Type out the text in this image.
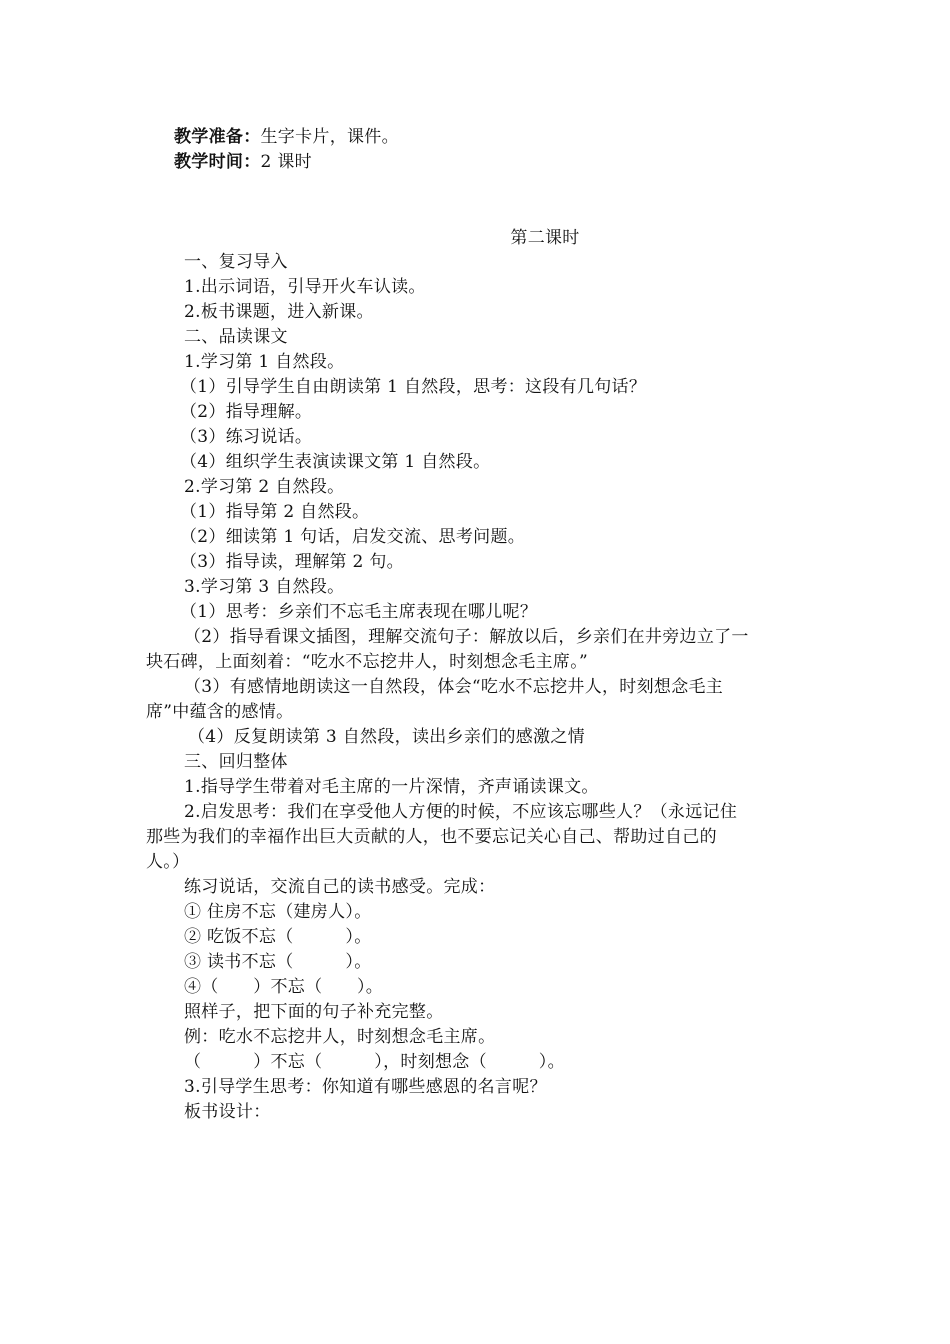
教学准备：生字卡片，课件。
教学时间：2 课时
第二课时
一、复习导入
1.出示词语，引导开火车认读。
2.板书课题，进入新课。
二、品读课文
1.学习第 1 自然段。
（1）引导学生自由朗读第 1 自然段，思考：这段有几句话？
（2）指导理解。
（3）练习说话。
（4）组织学生表演读课文第 1 自然段。
2.学习第 2 自然段。
（1）指导第 2 自然段。
（2）细读第 1 句话，启发交流、思考问题。
（3）指导读，理解第 2 句。
3.学习第 3 自然段。
（1）思考：乡亲们不忘毛主席表现在哪儿呢？
（2）指导看课文插图，理解交流句子：解放以后，乡亲们在井旁边立了一
块石碑，上面刻着：“吃水不忘挖井人，时刻想念毛主席。”
（3）有感情地朗读这一自然段，体会“吃水不忘挖井人，时刻想念毛主
席”中蕴含的感情。
（4）反复朗读第 3 自然段，读出乡亲们的感激之情
三、回归整体
1.指导学生带着对毛主席的一片深情，齐声诵读课文。
2.启发思考：我们在享受他人方便的时候，不应该忘哪些人？（永远记住
那些为我们的幸福作出巨大贡献的人，也不要忘记关心自己、帮助过自己的
人。）
练习说话，交流自己的读书感受。完成：
① 住房不忘（建房人）。
② 吃饭不忘（　　　）。
③ 读书不忘（　　　）。
④（　　）不忘（　　）。
照样子，把下面的句子补充完整。
例：吃水不忘挖井人，时刻想念毛主席。
（　　　）不忘（　　　），时刻想念（　　　）。
3.引导学生思考：你知道有哪些感恩的名言呢？
板书设计：
